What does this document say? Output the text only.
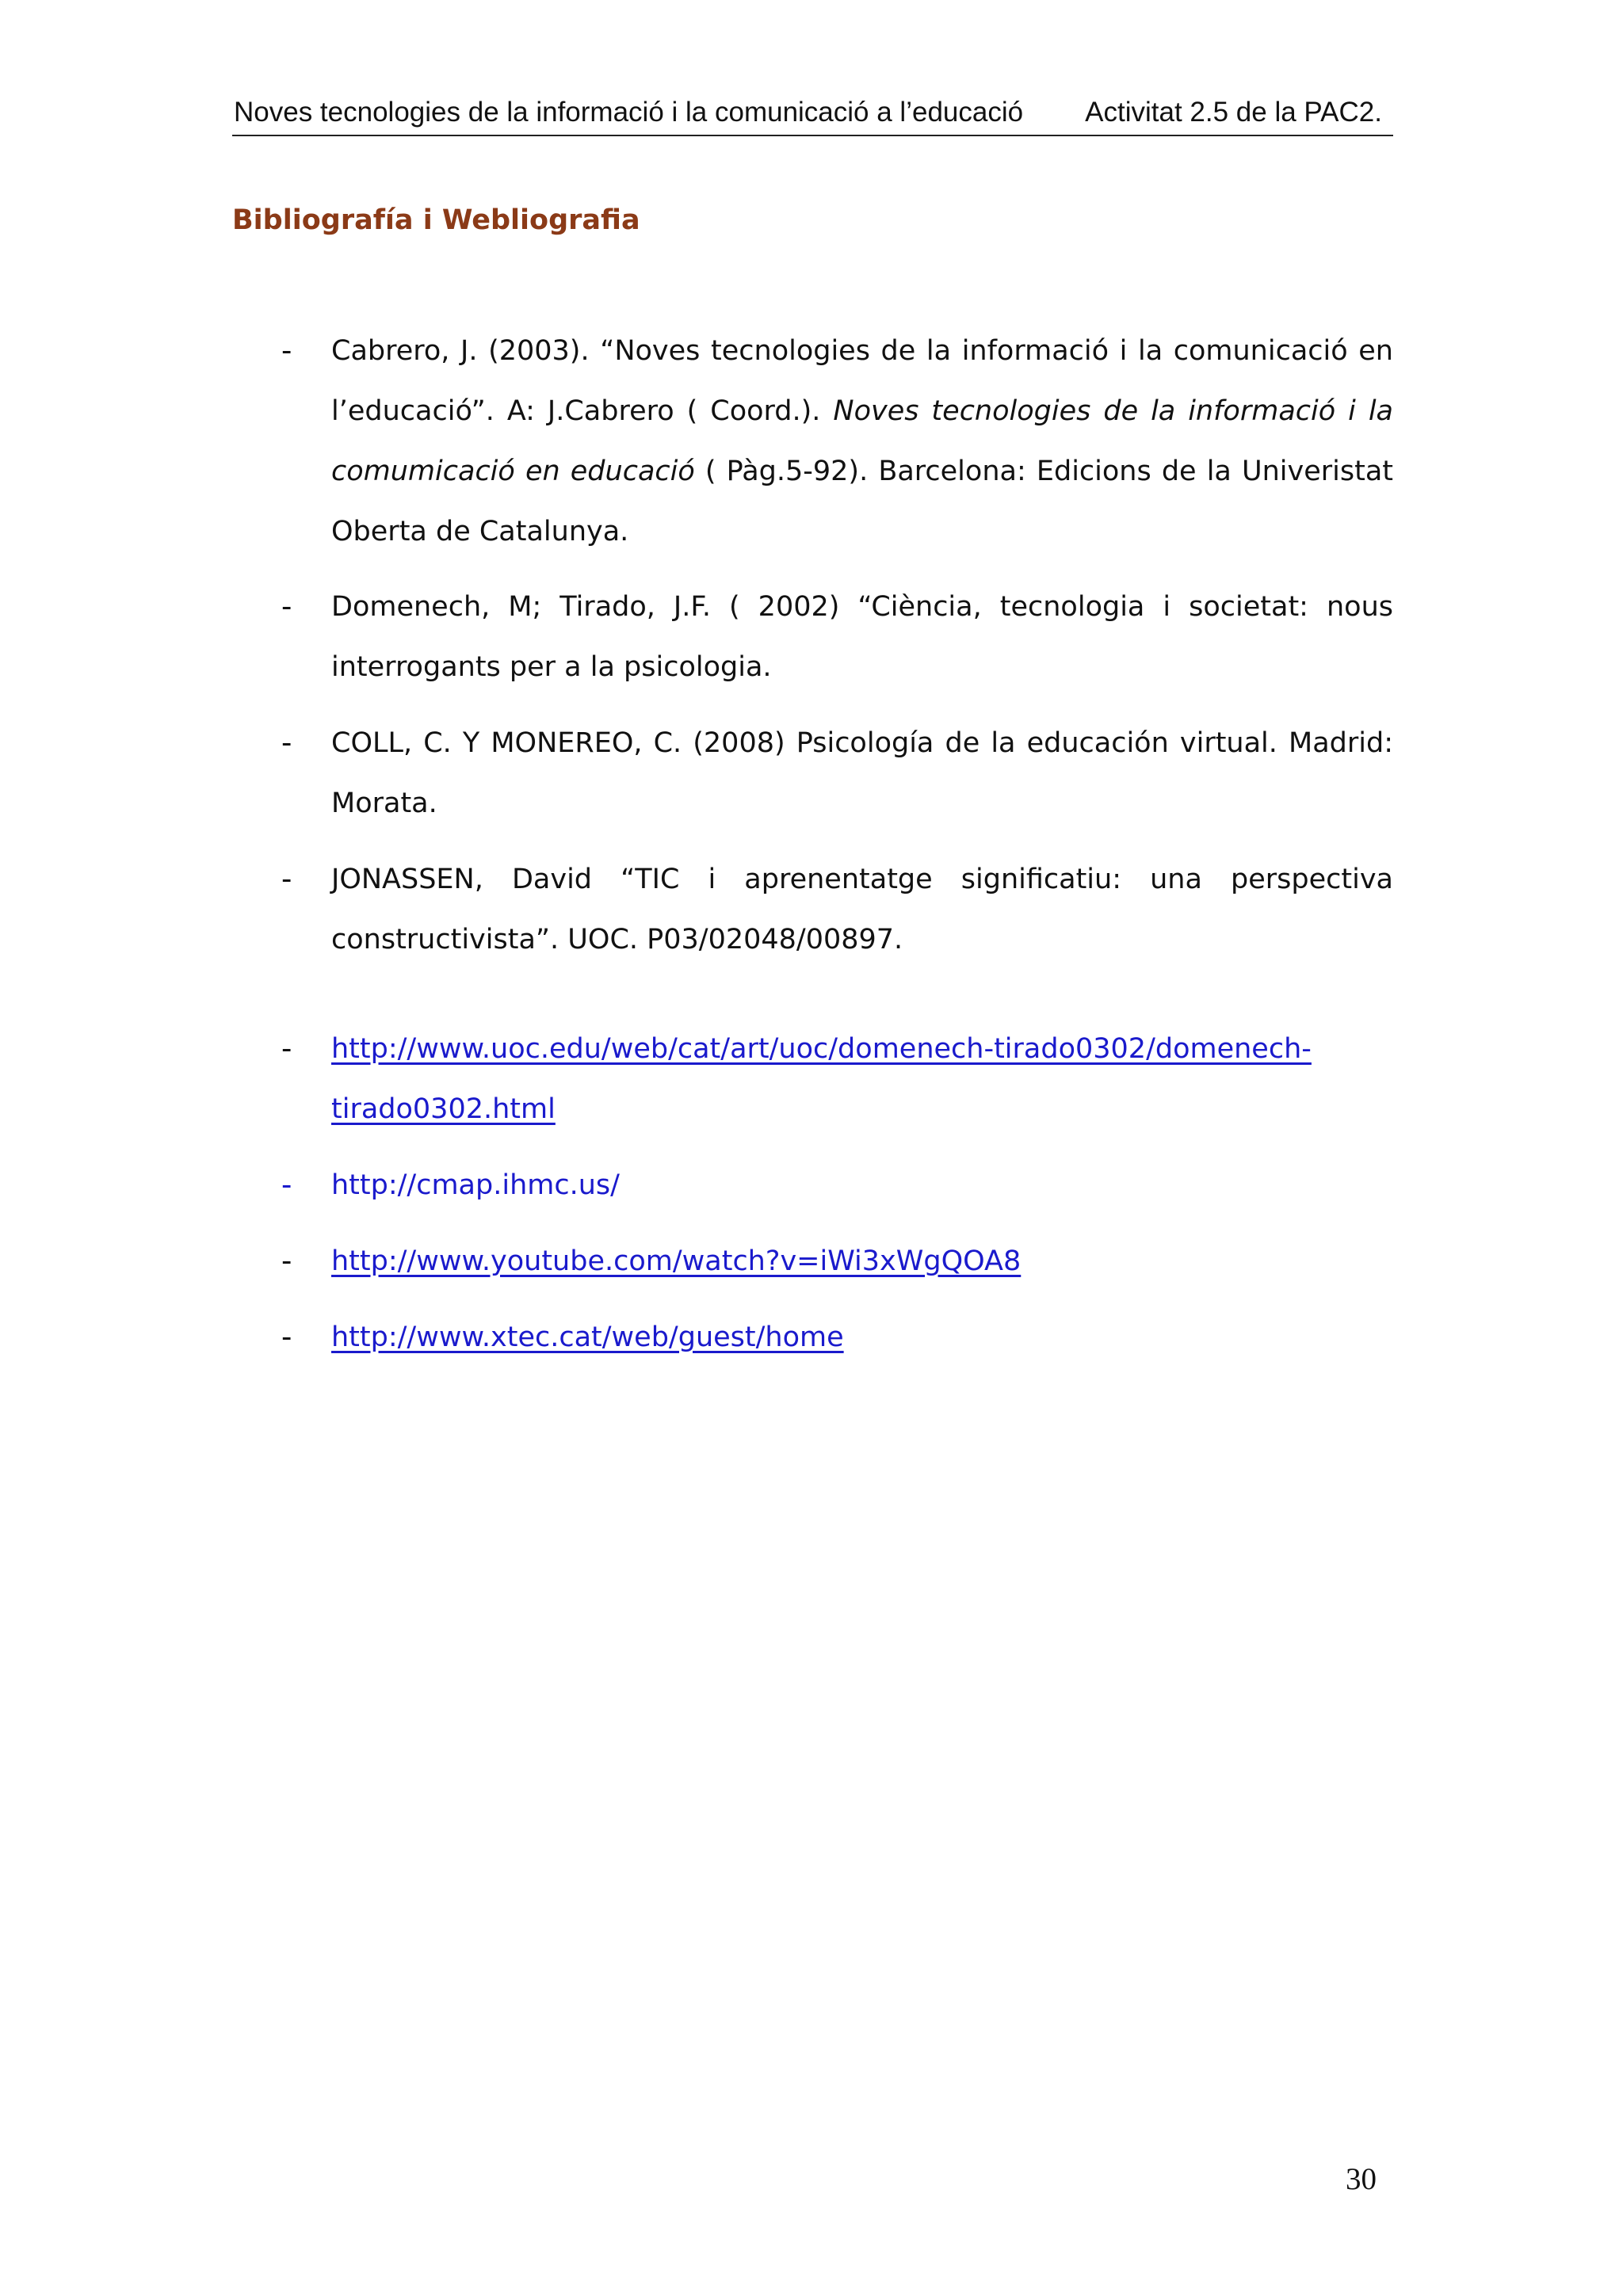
Noves tecnologies de la informació i la comunicació a l’educació Activitat 2.5 de la PAC2.
Bibliografía i Webliografia
-	Cabrero, J. (2003). “Noves tecnologies de la informació i la comunicació en l’educació”. A: J.Cabrero ( Coord.). Noves tecnologies de la informació i la comumicació en educació ( Pàg.5-92). Barcelona: Edicions de la Univeristat Oberta de Catalunya.
-	Domenech, M; Tirado, J.F. ( 2002) “Ciència, tecnologia i societat: nous interrogants per a la psicologia.
-	COLL, C. Y MONEREO, C. (2008) Psicología de la educación virtual. Madrid: Morata.
-	JONASSEN, David “TIC i aprenentatge significatiu: una perspectiva constructivista”. UOC. P03/02048/00897.
-	http://www.uoc.edu/web/cat/art/uoc/domenech-tirado0302/domenech-
tirado0302.html
-	http://cmap.ihmc.us/
-	http://www.youtube.com/watch?v=iWi3xWgQOA8
-	http://www.xtec.cat/web/guest/home
30
